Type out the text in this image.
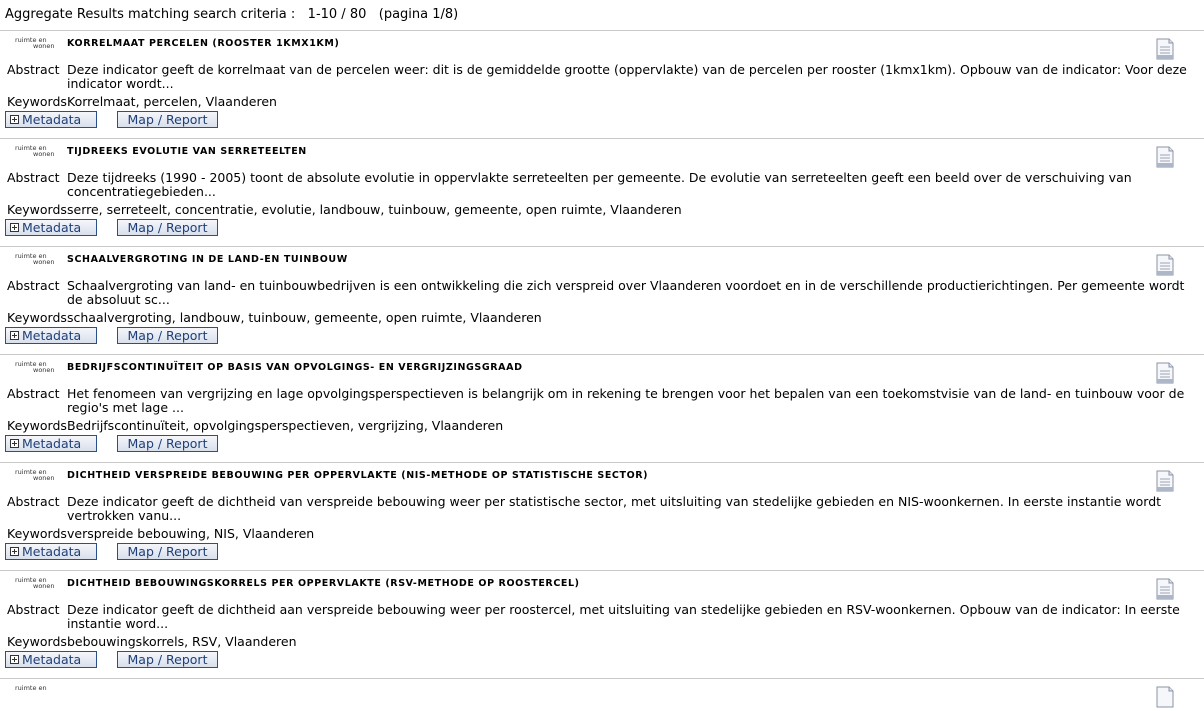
Aggregate Results matching search criteria :   1-10 / 80   (pagina 1/8)
ruimte en
wonen KORRELMAAT PERCELEN (ROOSTER 1KMX1KM)
Abstract Deze indicator geeft de korrelmaat van de percelen weer: dit is de gemiddelde grootte (oppervlakte) van de percelen per rooster (1kmx1km). Opbouw van de indicator: Voor deze indicator wordt...
Keywords Korrelmaat, percelen, Vlaanderen
Metadata	Map / Report
ruimte en
wonen TIJDREEKS EVOLUTIE VAN SERRETEELTEN
Abstract Deze tijdreeks (1990 - 2005) toont de absolute evolutie in oppervlakte serreteelten per gemeente. De evolutie van serreteelten geeft een beeld over de verschuiving van concentratiegebieden...
Keywords serre, serreteelt, concentratie, evolutie, landbouw, tuinbouw, gemeente, open ruimte, Vlaanderen
Metadata	Map / Report
ruimte en
wonen SCHAALVERGROTING IN DE LAND-EN TUINBOUW
Abstract Schaalvergroting van land- en tuinbouwbedrijven is een ontwikkeling die zich verspreid over Vlaanderen voordoet en in de verschillende productierichtingen. Per gemeente wordt de absoluut sc...
Keywords schaalvergroting, landbouw, tuinbouw, gemeente, open ruimte, Vlaanderen
Metadata	Map / Report
ruimte en
wonen BEDRIJFSCONTINUÏTEIT OP BASIS VAN OPVOLGINGS- EN VERGRIJZINGSGRAAD
Abstract Het fenomeen van vergrijzing en lage opvolgingsperspectieven is belangrijk om in rekening te brengen voor het bepalen van een toekomstvisie van de land- en tuinbouw voor de regio's met lage ...
Keywords Bedrijfscontinuïteit, opvolgingsperspectieven, vergrijzing, Vlaanderen
Metadata	Map / Report
ruimte en
wonen DICHTHEID VERSPREIDE BEBOUWING PER OPPERVLAKTE (NIS-METHODE OP STATISTISCHE SECTOR)
Abstract Deze indicator geeft de dichtheid van verspreide bebouwing weer per statistische sector, met uitsluiting van stedelijke gebieden en NIS-woonkernen. In eerste instantie wordt vertrokken vanu...
Keywords verspreide bebouwing, NIS, Vlaanderen
Metadata	Map / Report
ruimte en
wonen DICHTHEID BEBOUWINGSKORRELS PER OPPERVLAKTE (RSV-METHODE OP ROOSTERCEL)
Abstract Deze indicator geeft de dichtheid aan verspreide bebouwing weer per roostercel, met uitsluiting van stedelijke gebieden en RSV-woonkernen. Opbouw van de indicator: In eerste instantie word...
Keywords bebouwingskorrels, RSV, Vlaanderen
Metadata	Map / Report
ruimte en
